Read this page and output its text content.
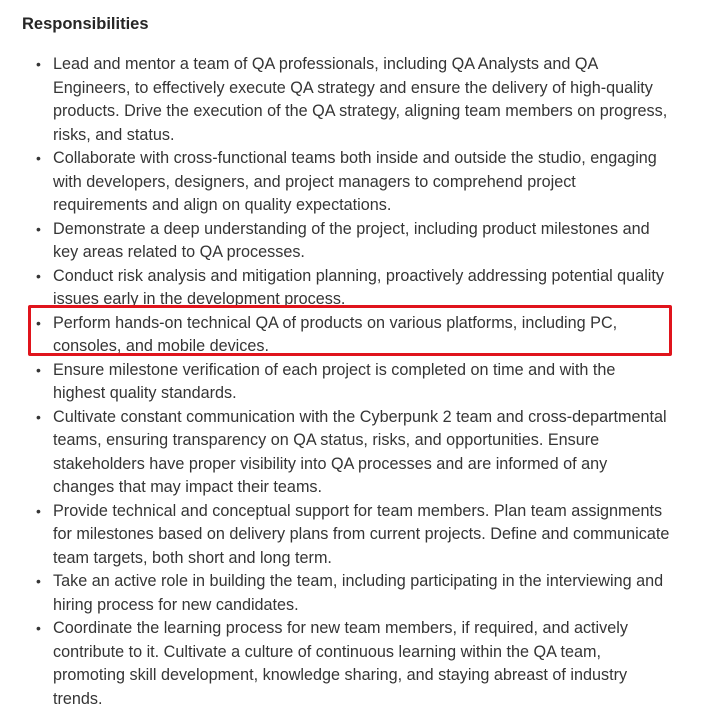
Responsibilities
• Lead and mentor a team of QA professionals, including QA Analysts and QA Engineers, to effectively execute QA strategy and ensure the delivery of high-quality products. Drive the execution of the QA strategy, aligning team members on progress, risks, and status.
• Collaborate with cross-functional teams both inside and outside the studio, engaging with developers, designers, and project managers to comprehend project requirements and align on quality expectations.
• Demonstrate a deep understanding of the project, including product milestones and key areas related to QA processes.
• Conduct risk analysis and mitigation planning, proactively addressing potential quality issues early in the development process.
• Perform hands-on technical QA of products on various platforms, including PC, consoles, and mobile devices.
• Ensure milestone verification of each project is completed on time and with the highest quality standards.
• Cultivate constant communication with the Cyberpunk 2 team and cross-departmental teams, ensuring transparency on QA status, risks, and opportunities. Ensure stakeholders have proper visibility into QA processes and are informed of any changes that may impact their teams.
• Provide technical and conceptual support for team members. Plan team assignments for milestones based on delivery plans from current projects. Define and communicate team targets, both short and long term.
• Take an active role in building the team, including participating in the interviewing and hiring process for new candidates.
• Coordinate the learning process for new team members, if required, and actively contribute to it. Cultivate a culture of continuous learning within the QA team, promoting skill development, knowledge sharing, and staying abreast of industry trends.
